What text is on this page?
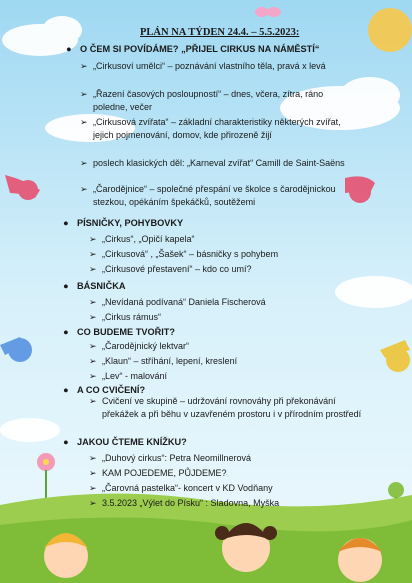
PLÁN NA TÝDEN 24.4. – 5.5.2023:
● O ČEM SI POVÍDÁME? „PŘIJEL CIRKUS NA NÁMĚSTÍ“
➢ „Cirkusoví umělci“ – poznávání vlastního těla, pravá x levá
➢ „Řazení časových posloupností“ – dnes, včera, zítra, ráno poledne, večer
➢ „Cirkusová zvířata“ – základní charakteristiky některých zvířat, jejich pojmenování, domov, kde přirozeně žijí
➢ poslech klasických děl: „Karneval zvířat“ Camill de Saint-Saëns
➢ „Čarodějnice“ – společné přespání ve školce s čarodějnickou stezkou, opékáním špekáčků, soutěžemi
● PÍSNIČKY, POHYBOVKY
➢ „Cirkus“, „Opičí kapela“
➢ „Cirkusová“ , „Šašek“ – básničky s pohybem
➢ „Cirkusové přestavení“ – kdo co umí?
● BÁSNIČKA
➢ „Nevídaná podívaná“ Daniela Fischerová
➢ „Cirkus rámus“
● CO BUDEME TVOŘIT?
➢ „Čarodějnický lektvar“
➢ „Klaun“ – stříhání, lepení, kreslení
➢ „Lev“ - malování
● A CO CVIČENÍ?
➢ Cvičení ve skupině – udržování rovnováhy při překonávání překážek a při běhu v uzavřeném prostoru i v přírodním prostředí
● JAKOU ČTEME KNÍŽKU?
➢ „Duhový cirkus“: Petra Neomillnerová
➢ KAM POJEDEME, PŮJDEME?
➢ „Čarovná pastelka“- koncert v KD Vodňany
➢ 3.5.2023 „Výlet do Písku“ : Sladovna, Myška
